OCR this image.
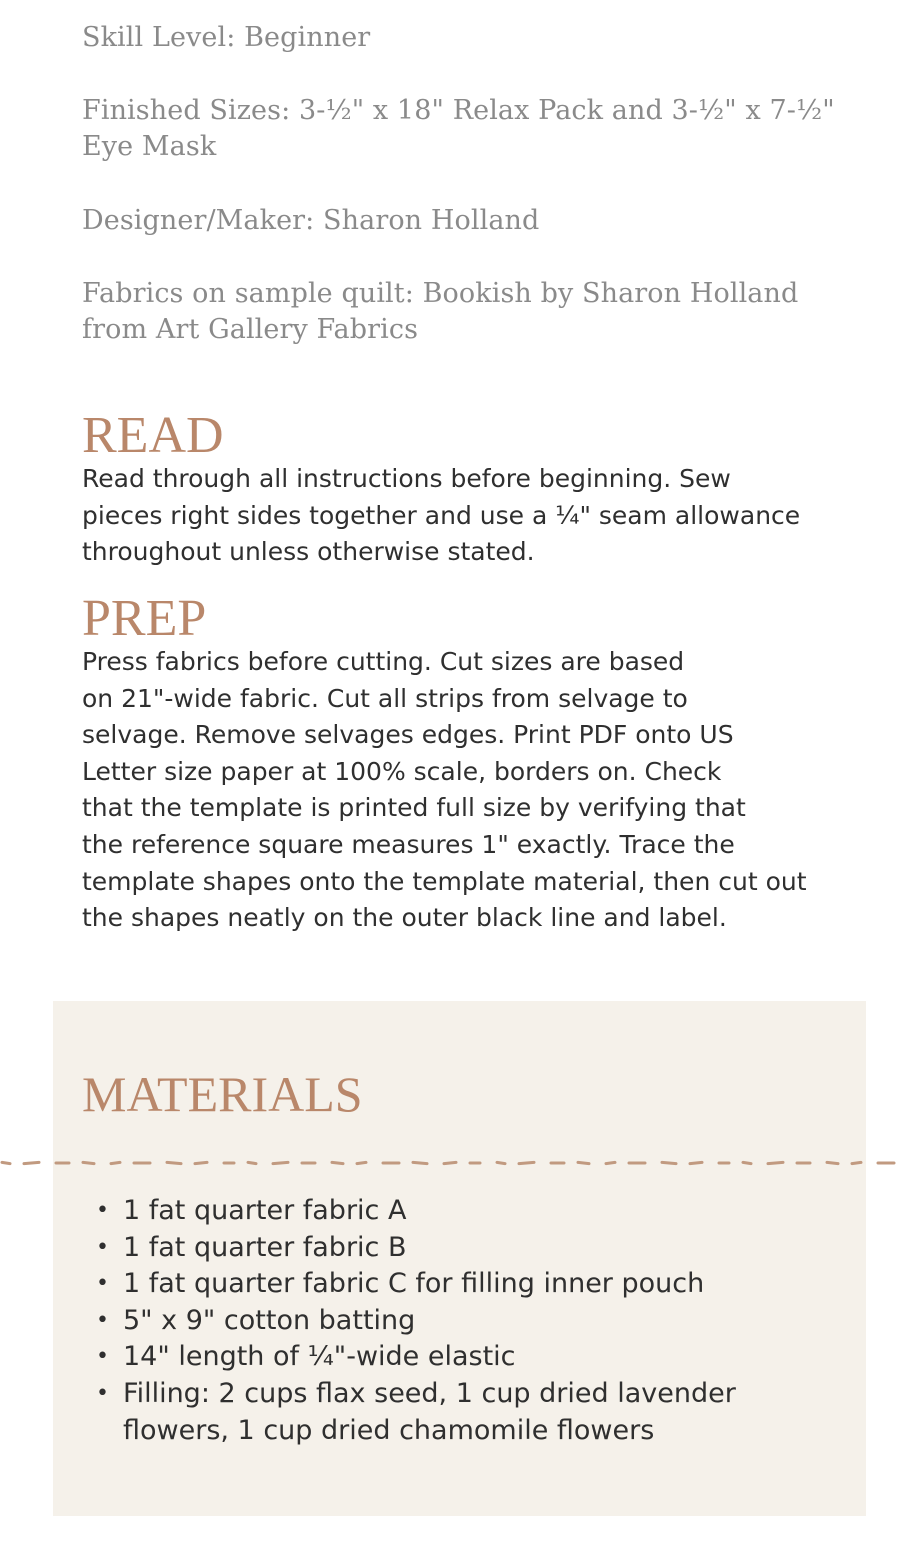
Skill Level: Beginner
Finished Sizes: 3-½" x 18" Relax Pack and 3-½" x 7-½"
Eye Mask
Designer/Maker: Sharon Holland
Fabrics on sample quilt: Bookish by Sharon Holland
from Art Gallery Fabrics
READ
Read through all instructions before beginning. Sew
pieces right sides together and use a ¼" seam allowance
throughout unless otherwise stated.
PREP
Press fabrics before cutting. Cut sizes are based
on 21"-wide fabric. Cut all strips from selvage to
selvage. Remove selvages edges. Print PDF onto US
Letter size paper at 100% scale, borders on. Check
that the template is printed full size by verifying that
the reference square measures 1" exactly. Trace the
template shapes onto the template material, then cut out
the shapes neatly on the outer black line and label.
MATERIALS
• 1 fat quarter fabric A
• 1 fat quarter fabric B
• 1 fat quarter fabric C for filling inner pouch
• 5" x 9" cotton batting
• 14" length of ¼"-wide elastic
• Filling: 2 cups flax seed, 1 cup dried lavender
flowers, 1 cup dried chamomile flowers
